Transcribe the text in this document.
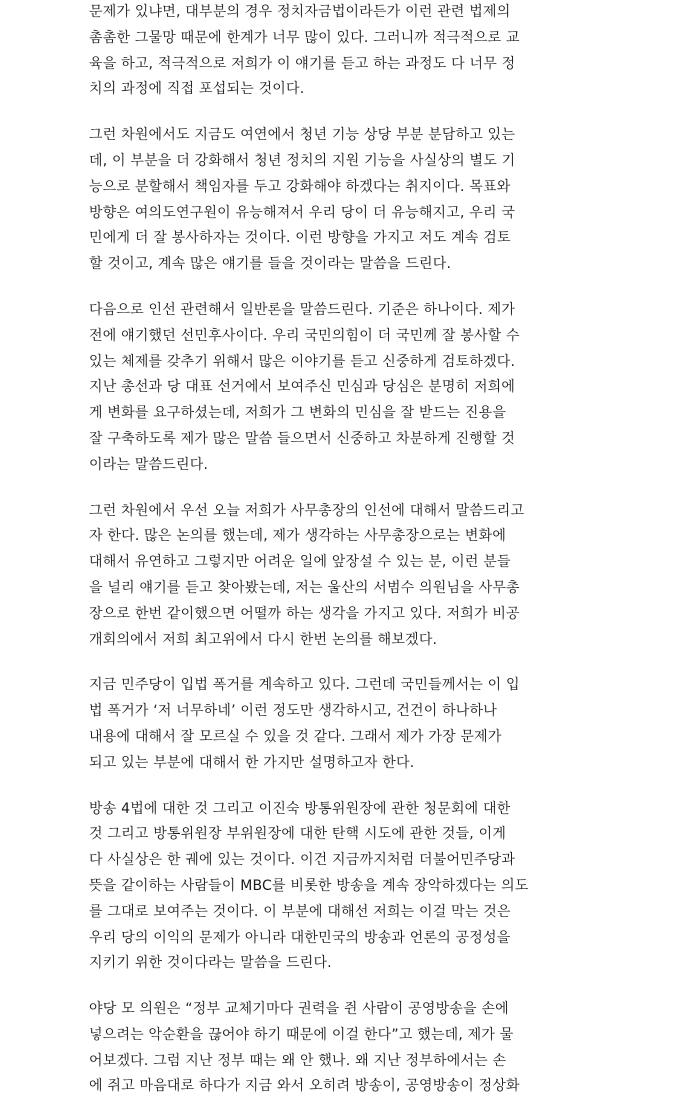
문제가 있냐면, 대부분의 경우 정치자금법이라든가 이런 관련 법제의
촘촘한 그물망 때문에 한계가 너무 많이 있다. 그러니까 적극적으로 교
육을 하고, 적극적으로 저희가 이 얘기를 듣고 하는 과정도 다 너무 정
치의 과정에 직접 포섭되는 것이다.
그런 차원에서도 지금도 여연에서 청년 기능 상당 부분 분담하고 있는
데, 이 부분을 더 강화해서 청년 정치의 지원 기능을 사실상의 별도 기
능으로 분할해서 책임자를 두고 강화해야 하겠다는 취지이다. 목표와
방향은 여의도연구원이 유능해져서 우리 당이 더 유능해지고, 우리 국
민에게 더 잘 봉사하자는 것이다. 이런 방향을 가지고 저도 계속 검토
할 것이고, 계속 많은 얘기를 들을 것이라는 말씀을 드린다.
다음으로 인선 관련해서 일반론을 말씀드린다. 기준은 하나이다. 제가
전에 얘기했던 선민후사이다. 우리 국민의힘이 더 국민께 잘 봉사할 수
있는 체제를 갖추기 위해서 많은 이야기를 듣고 신중하게 검토하겠다.
지난 총선과 당 대표 선거에서 보여주신 민심과 당심은 분명히 저희에
게 변화를 요구하셨는데, 저희가 그 변화의 민심을 잘 받드는 진용을
잘 구축하도록 제가 많은 말씀 들으면서 신중하고 차분하게 진행할 것
이라는 말씀드린다.
그런 차원에서 우선 오늘 저희가 사무총장의 인선에 대해서 말씀드리고
자 한다. 많은 논의를 했는데, 제가 생각하는 사무총장으로는 변화에
대해서 유연하고 그렇지만 어려운 일에 앞장설 수 있는 분, 이런 분들
을 널리 얘기를 듣고 찾아봤는데, 저는 울산의 서범수 의원님을 사무총
장으로 한번 같이했으면 어떨까 하는 생각을 가지고 있다. 저희가 비공
개회의에서 저희 최고위에서 다시 한번 논의를 해보겠다.
지금 민주당이 입법 폭거를 계속하고 있다. 그런데 국민들께서는 이 입
법 폭거가 ‘저 너무하네’ 이런 정도만 생각하시고, 건건이 하나하나
내용에 대해서 잘 모르실 수 있을 것 같다. 그래서 제가 가장 문제가
되고 있는 부분에 대해서 한 가지만 설명하고자 한다.
방송 4법에 대한 것 그리고 이진숙 방통위원장에 관한 청문회에 대한
것 그리고 방통위원장 부위원장에 대한 탄핵 시도에 관한 것들, 이게
다 사실상은 한 궤에 있는 것이다. 이건 지금까지처럼 더불어민주당과
뜻을 같이하는 사람들이 MBC를 비롯한 방송을 계속 장악하겠다는 의도
를 그대로 보여주는 것이다. 이 부분에 대해선 저희는 이걸 막는 것은
우리 당의 이익의 문제가 아니라 대한민국의 방송과 언론의 공정성을
지키기 위한 것이다라는 말씀을 드린다.
야당 모 의원은 “정부 교체기마다 권력을 쥔 사람이 공영방송을 손에
넣으려는 악순환을 끊어야 하기 때문에 이걸 한다”고 했는데, 제가 물
어보겠다. 그럼 지난 정부 때는 왜 안 했나. 왜 지난 정부하에서는 손
에 쥐고 마음대로 하다가 지금 와서 오히려 방송이, 공영방송이 정상화
